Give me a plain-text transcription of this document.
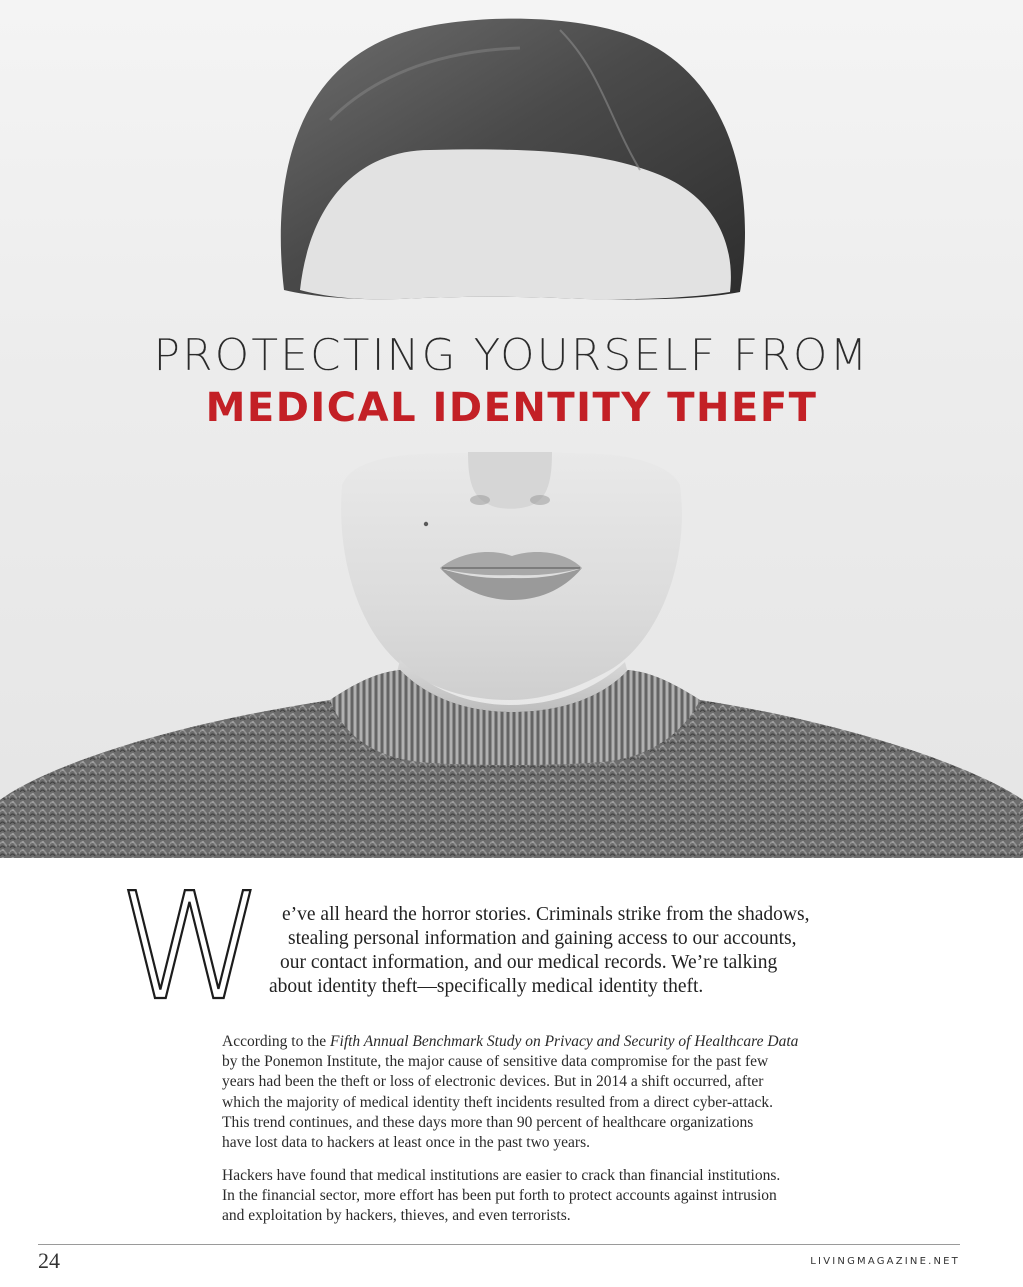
PROTECTING YOURSELF FROM
MEDICAL IDENTITY THEFT
W e’ve all heard the horror stories. Criminals strike from the shadows,
stealing personal information and gaining access to our accounts,
our contact information, and our medical records. We’re talking
about identity theft—specifically medical identity theft.
According to the Fifth Annual Benchmark Study on Privacy and Security of Healthcare Data
by the Ponemon Institute, the major cause of sensitive data compromise for the past few
years had been the theft or loss of electronic devices. But in 2014 a shift occurred, after
which the majority of medical identity theft incidents resulted from a direct cyber-attack.
This trend continues, and these days more than 90 percent of healthcare organizations
have lost data to hackers at least once in the past two years.
Hackers have found that medical institutions are easier to crack than financial institutions.
In the financial sector, more effort has been put forth to protect accounts against intrusion
and exploitation by hackers, thieves, and even terrorists.
24	LIVINGMAGAZINE.NET
